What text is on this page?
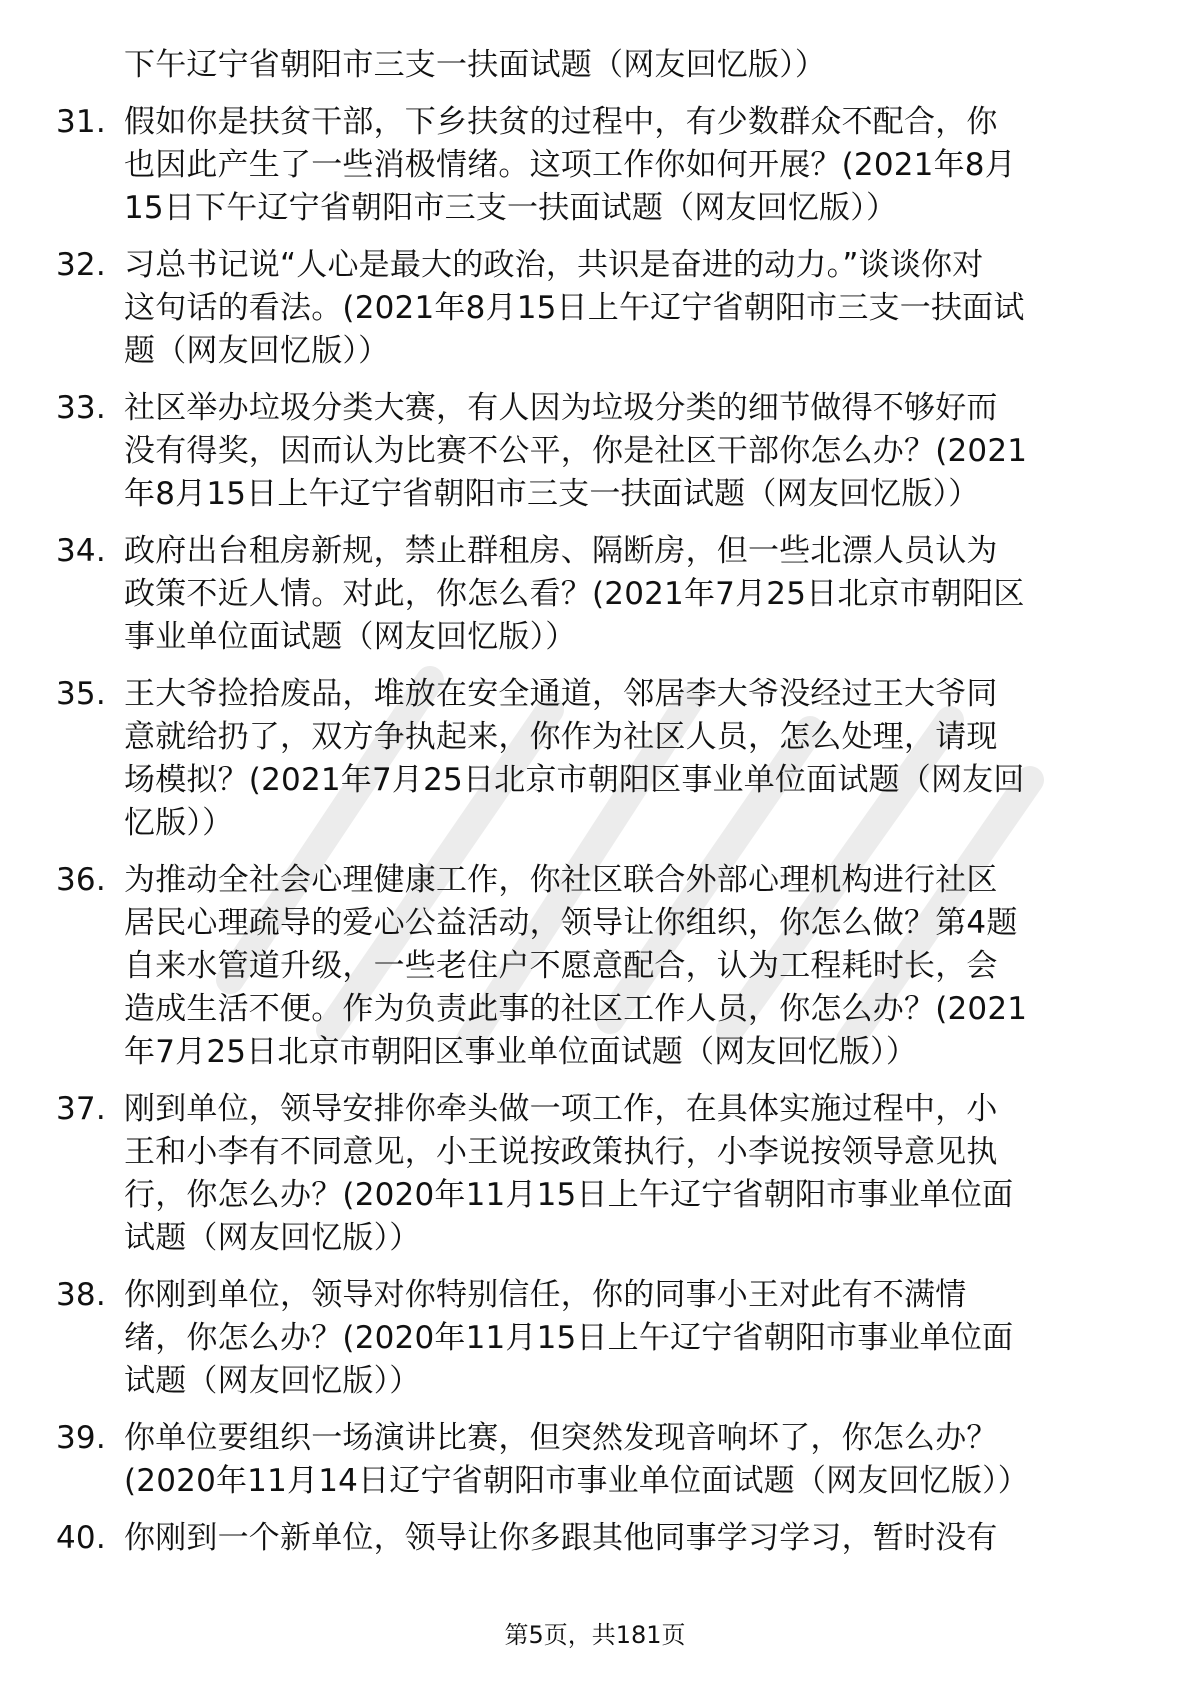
下午辽宁省朝阳市三支一扶面试题（网友回忆版））
31. 假如你是扶贫干部，下乡扶贫的过程中，有少数群众不配合，你
也因此产生了一些消极情绪。这项工作你如何开展？(2021年8月
15日下午辽宁省朝阳市三支一扶面试题（网友回忆版））
32. 习总书记说“人心是最大的政治，共识是奋进的动力。”谈谈你对
这句话的看法。(2021年8月15日上午辽宁省朝阳市三支一扶面试
题（网友回忆版））
33. 社区举办垃圾分类大赛，有人因为垃圾分类的细节做得不够好而
没有得奖，因而认为比赛不公平，你是社区干部你怎么办？(2021
年8月15日上午辽宁省朝阳市三支一扶面试题（网友回忆版））
34. 政府出台租房新规，禁止群租房、隔断房，但一些北漂人员认为
政策不近人情。对此，你怎么看？(2021年7月25日北京市朝阳区
事业单位面试题（网友回忆版））
35. 王大爷捡拾废品，堆放在安全通道，邻居李大爷没经过王大爷同
意就给扔了，双方争执起来，你作为社区人员，怎么处理，请现
场模拟？(2021年7月25日北京市朝阳区事业单位面试题（网友回
忆版））
36. 为推动全社会心理健康工作，你社区联合外部心理机构进行社区
居民心理疏导的爱心公益活动，领导让你组织，你怎么做？第4题
自来水管道升级，一些老住户不愿意配合，认为工程耗时长，会
造成生活不便。作为负责此事的社区工作人员，你怎么办？(2021
年7月25日北京市朝阳区事业单位面试题（网友回忆版））
37. 刚到单位，领导安排你牵头做一项工作，在具体实施过程中，小
王和小李有不同意见，小王说按政策执行，小李说按领导意见执
行，你怎么办？(2020年11月15日上午辽宁省朝阳市事业单位面
试题（网友回忆版））
38. 你刚到单位，领导对你特别信任，你的同事小王对此有不满情
绪，你怎么办？(2020年11月15日上午辽宁省朝阳市事业单位面
试题（网友回忆版））
39. 你单位要组织一场演讲比赛，但突然发现音响坏了，你怎么办？
(2020年11月14日辽宁省朝阳市事业单位面试题（网友回忆版））
40. 你刚到一个新单位，领导让你多跟其他同事学习学习，暂时没有
第5页，共181页
